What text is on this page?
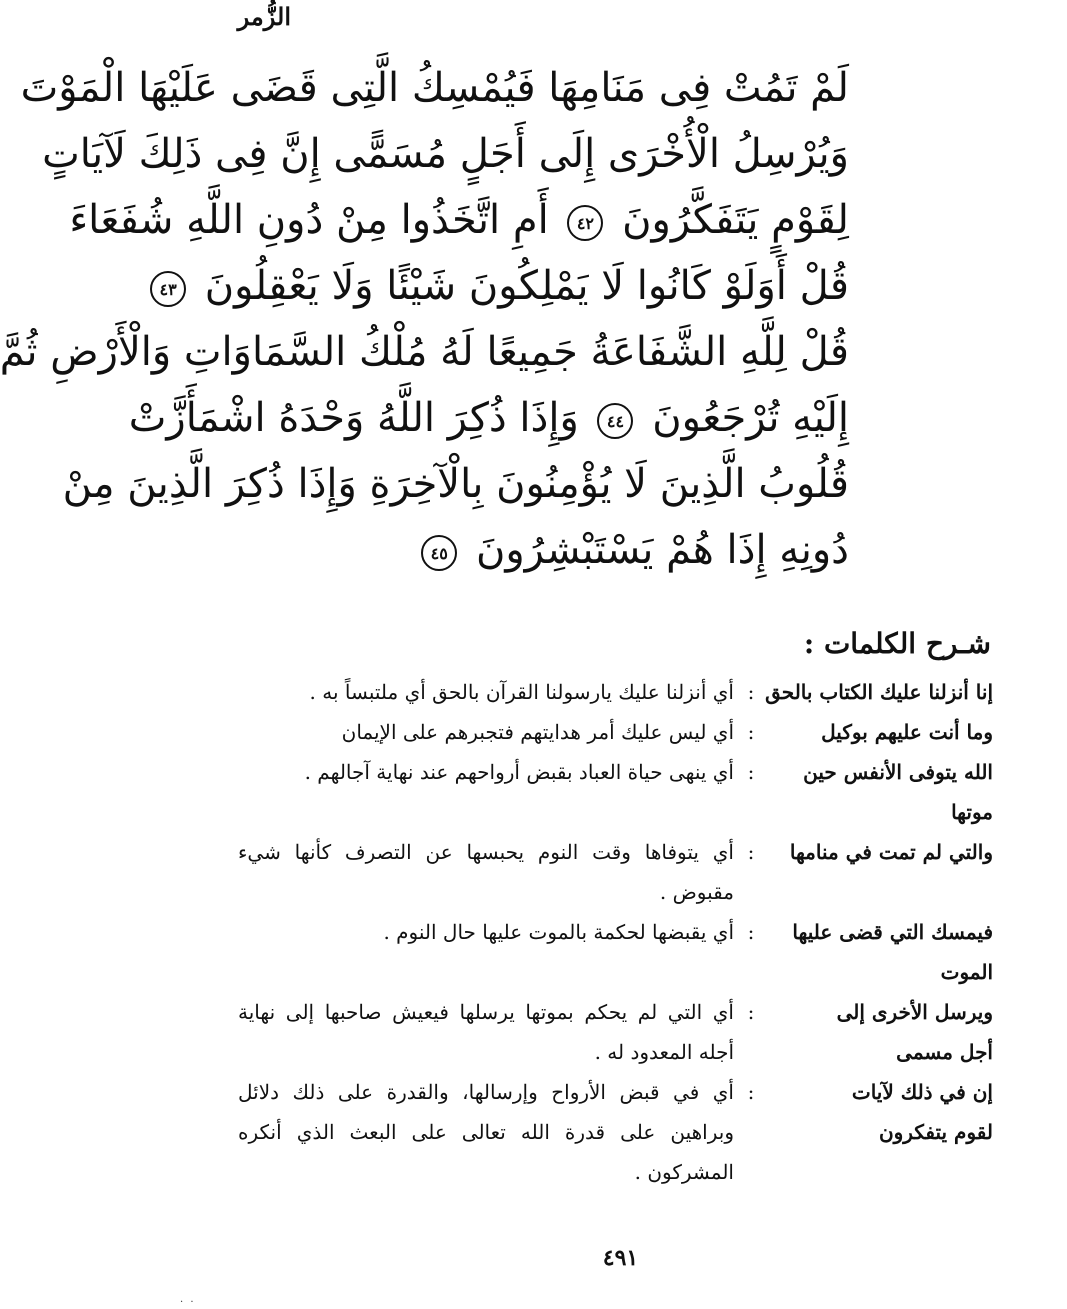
الزُّمر
لَمْ تَمُتْ فِى مَنَامِهَا فَيُمْسِكُ الَّتِى قَضَى عَلَيْهَا الْمَوْتَ
وَيُرْسِلُ الْأُخْرَى إِلَى أَجَلٍ مُسَمًّى إِنَّ فِى ذَلِكَ لَآيَاتٍ
لِقَوْمٍ يَتَفَكَّرُونَ ٤٢ أَمِ اتَّخَذُوا مِنْ دُونِ اللَّهِ شُفَعَاءَ
قُلْ أَوَلَوْ كَانُوا لَا يَمْلِكُونَ شَيْئًا وَلَا يَعْقِلُونَ ٤٣
قُلْ لِلَّهِ الشَّفَاعَةُ جَمِيعًا لَهُ مُلْكُ السَّمَاوَاتِ وَالْأَرْضِ ثُمَّ
إِلَيْهِ تُرْجَعُونَ ٤٤ وَإِذَا ذُكِرَ اللَّهُ وَحْدَهُ اشْمَأَزَّتْ
قُلُوبُ الَّذِينَ لَا يُؤْمِنُونَ بِالْآخِرَةِ وَإِذَا ذُكِرَ الَّذِينَ مِنْ
دُونِهِ إِذَا هُمْ يَسْتَبْشِرُونَ ٤٥
شـرح الكلمات :
إنا أنزلنا عليك الكتاب بالحق
:
أي أنزلنا عليك يارسولنا القرآن بالحق أي ملتبساً به .
وما أنت عليهم بوكيل
:
أي ليس عليك أمر هدايتهم فتجبرهم على الإيمان
الله يتوفى الأنفس حين موتها
:
أي ينهى حياة العباد بقبض أرواحهم عند نهاية آجالهم .
والتي لم تمت في منامها
:
أي يتوفاها وقت النوم يحبسها عن التصرف كأنها شيء مقبوض .
فيمسك التي قضى عليها الموت
:
أي يقبضها لحكمة بالموت عليها حال النوم .
ويرسل الأخرى إلى أجل مسمى
:
أي التي لم يحكم بموتها يرسلها فيعيش صاحبها إلى نهاية أجله المعدود له .
إن في ذلك لآيات لقوم يتفكرون
:
أي في قبض الأرواح وإرسالها، والقدرة على ذلك دلائل وبراهين على قدرة الله تعالى على البعث الذي أنكره المشركون .
٤٩١
. .
